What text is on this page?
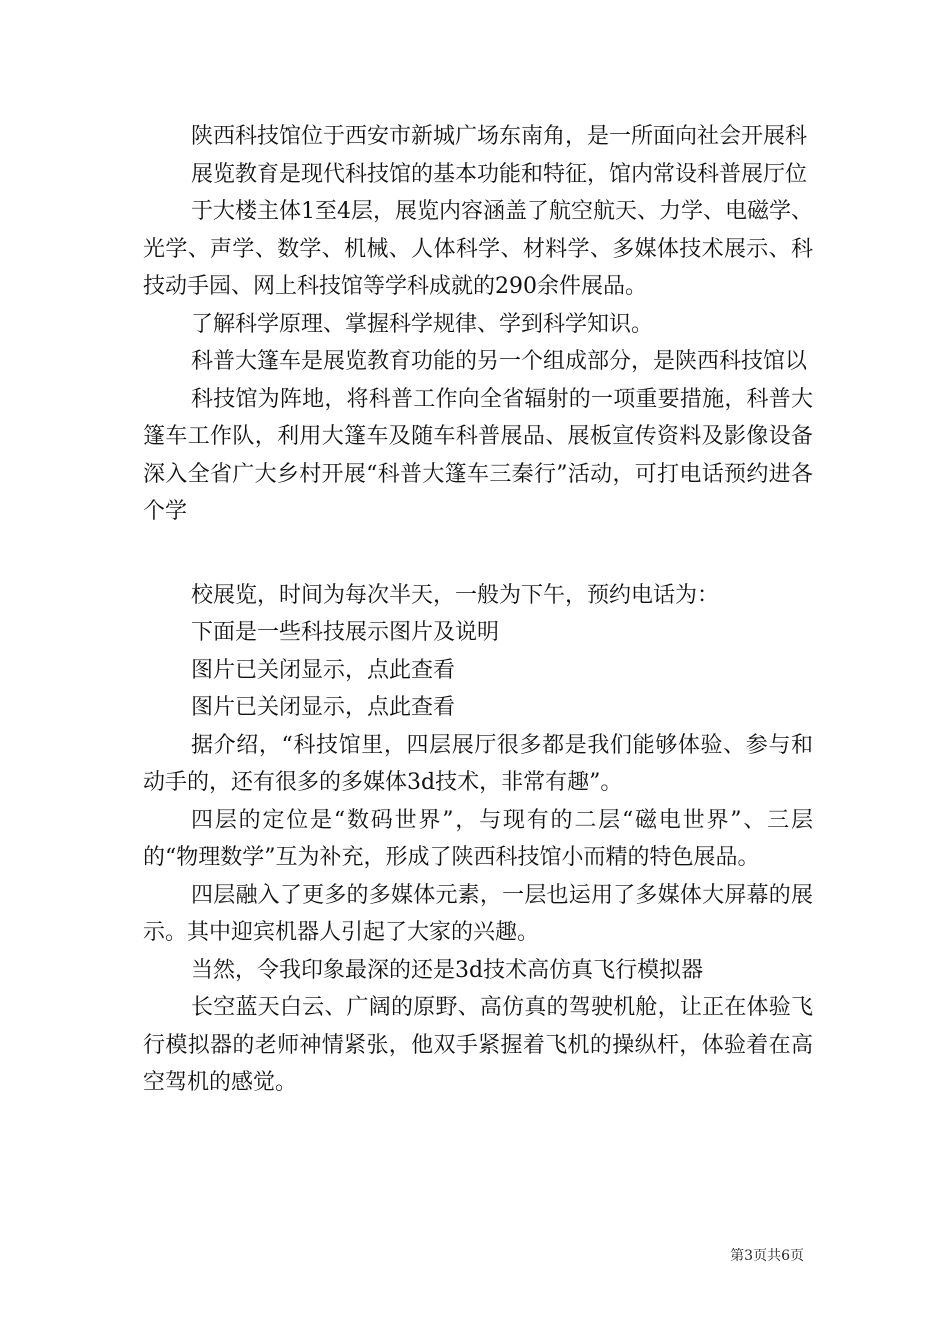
陕西科技馆位于西安市新城广场东南角，是一所面向社会开展科

展览教育是现代科技馆的基本功能和特征，馆内常设科普展厅位

于大楼主体1至4层，展览内容涵盖了航空航天、力学、电磁学、光学、声学、数学、机械、人体科学、材料学、多媒体技术展示、科技动手园、网上科技馆等学科成就的290余件展品。

了解科学原理、掌握科学规律、学到科学知识。

科普大篷车是展览教育功能的另一个组成部分，是陕西科技馆以

科技馆为阵地，将科普工作向全省辐射的一项重要措施，科普大篷车工作队，利用大篷车及随车科普展品、展板宣传资料及影像设备深入全省广大乡村开展“科普大篷车三秦行”活动，可打电话预约进各个学

校展览，时间为每次半天，一般为下午，预约电话为：

下面是一些科技展示图片及说明

图片已关闭显示，点此查看

图片已关闭显示，点此查看

据介绍，“科技馆里，四层展厅很多都是我们能够体验、参与和动手的，还有很多的多媒体3d技术，非常有趣”。

四层的定位是“数码世界”，与现有的二层“磁电世界”、三层的“物理数学”互为补充，形成了陕西科技馆小而精的特色展品。

四层融入了更多的多媒体元素，一层也运用了多媒体大屏幕的展示。其中迎宾机器人引起了大家的兴趣。

当然，令我印象最深的还是3d技术高仿真飞行模拟器

长空蓝天白云、广阔的原野、高仿真的驾驶机舱，让正在体验飞行模拟器的老师神情紧张，他双手紧握着飞机的操纵杆，体验着在高空驾机的感觉。

第3页共6页
